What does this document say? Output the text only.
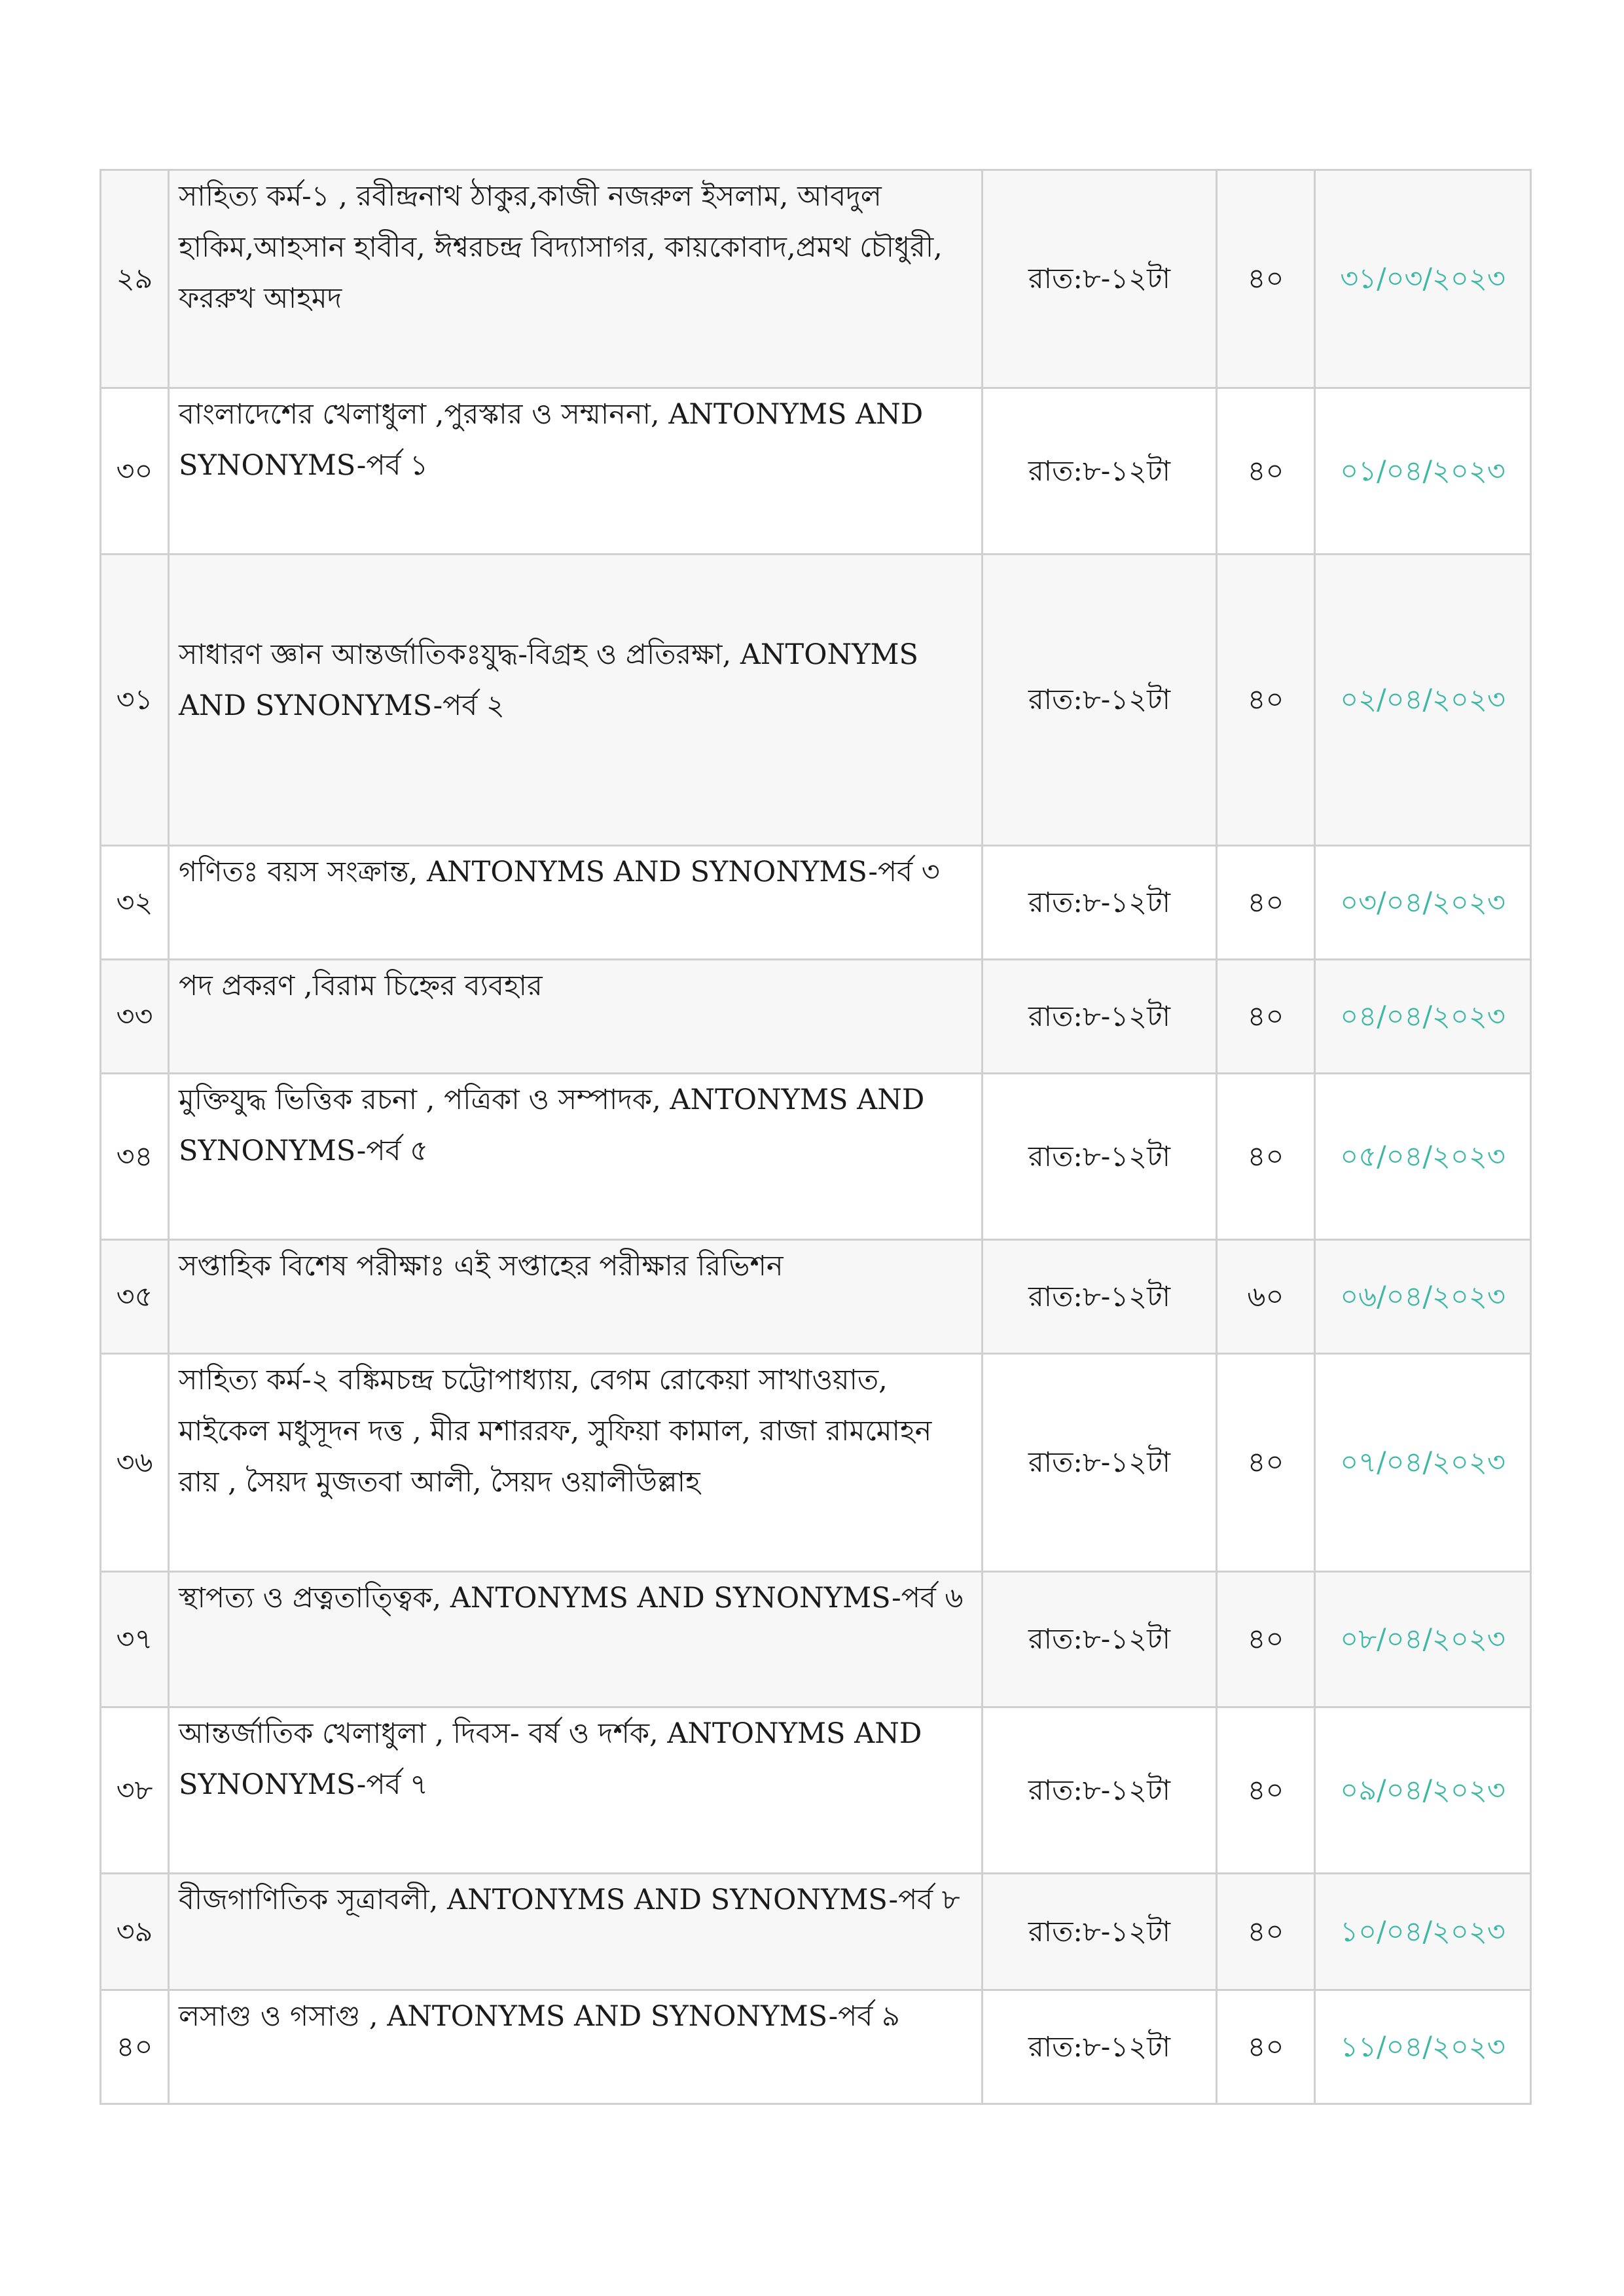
২৯	সাহিত্য কর্ম-১ , রবীন্দ্রনাথ ঠাকুর,কাজী নজরুল ইসলাম, আবদুল হাকিম,আহসান হাবীব, ঈশ্বরচন্দ্র বিদ্যাসাগর, কায়কোবাদ,প্রমথ চৌধুরী, ফররুখ আহমদ	রাত:৮-১২টা	৪০	৩১/০৩/২০২৩
৩০	বাংলাদেশের খেলাধুলা ,পুরস্কার ও সম্মাননা, ANTONYMS AND SYNONYMS-পর্ব ১	রাত:৮-১২টা	৪০	০১/০৪/২০২৩
৩১	সাধারণ জ্ঞান আন্তর্জাতিকঃযুদ্ধ-বিগ্রহ ও প্রতিরক্ষা, ANTONYMS AND SYNONYMS-পর্ব ২	রাত:৮-১২টা	৪০	০২/০৪/২০২৩
৩২	গণিতঃ বয়স সংক্রান্ত, ANTONYMS AND SYNONYMS-পর্ব ৩	রাত:৮-১২টা	৪০	০৩/০৪/২০২৩
৩৩	পদ প্রকরণ ,বিরাম চিহ্নের ব্যবহার	রাত:৮-১২টা	৪০	০৪/০৪/২০২৩
৩৪	মুক্তিযুদ্ধ ভিত্তিক রচনা , পত্রিকা ও সম্পাদক, ANTONYMS AND SYNONYMS-পর্ব ৫	রাত:৮-১২টা	৪০	০৫/০৪/২০২৩
৩৫	সপ্তাহিক বিশেষ পরীক্ষাঃ এই সপ্তাহের পরীক্ষার রিভিশন	রাত:৮-১২টা	৬০	০৬/০৪/২০২৩
৩৬	সাহিত্য কর্ম-২ বঙ্কিমচন্দ্র চট্টোপাধ্যায়, বেগম রোকেয়া সাখাওয়াত, মাইকেল মধুসূদন দত্ত , মীর মশাররফ, সুফিয়া কামাল, রাজা রামমোহন রায় , সৈয়দ মুজতবা আলী, সৈয়দ ওয়ালীউল্লাহ	রাত:৮-১২টা	৪০	০৭/০৪/২০২৩
৩৭	স্থাপত্য ও প্রত্নতাত্ত্বিক, ANTONYMS AND SYNONYMS-পর্ব ৬	রাত:৮-১২টা	৪০	০৮/০৪/২০২৩
৩৮	আন্তর্জাতিক খেলাধুলা , দিবস- বর্ষ ও দর্শক, ANTONYMS AND SYNONYMS-পর্ব ৭	রাত:৮-১২টা	৪০	০৯/০৪/২০২৩
৩৯	বীজগাণিতিক সূত্রাবলী, ANTONYMS AND SYNONYMS-পর্ব ৮	রাত:৮-১২টা	৪০	১০/০৪/২০২৩
৪০	লসাগু ও গসাগু , ANTONYMS AND SYNONYMS-পর্ব ৯	রাত:৮-১২টা	৪০	১১/০৪/২০২৩
